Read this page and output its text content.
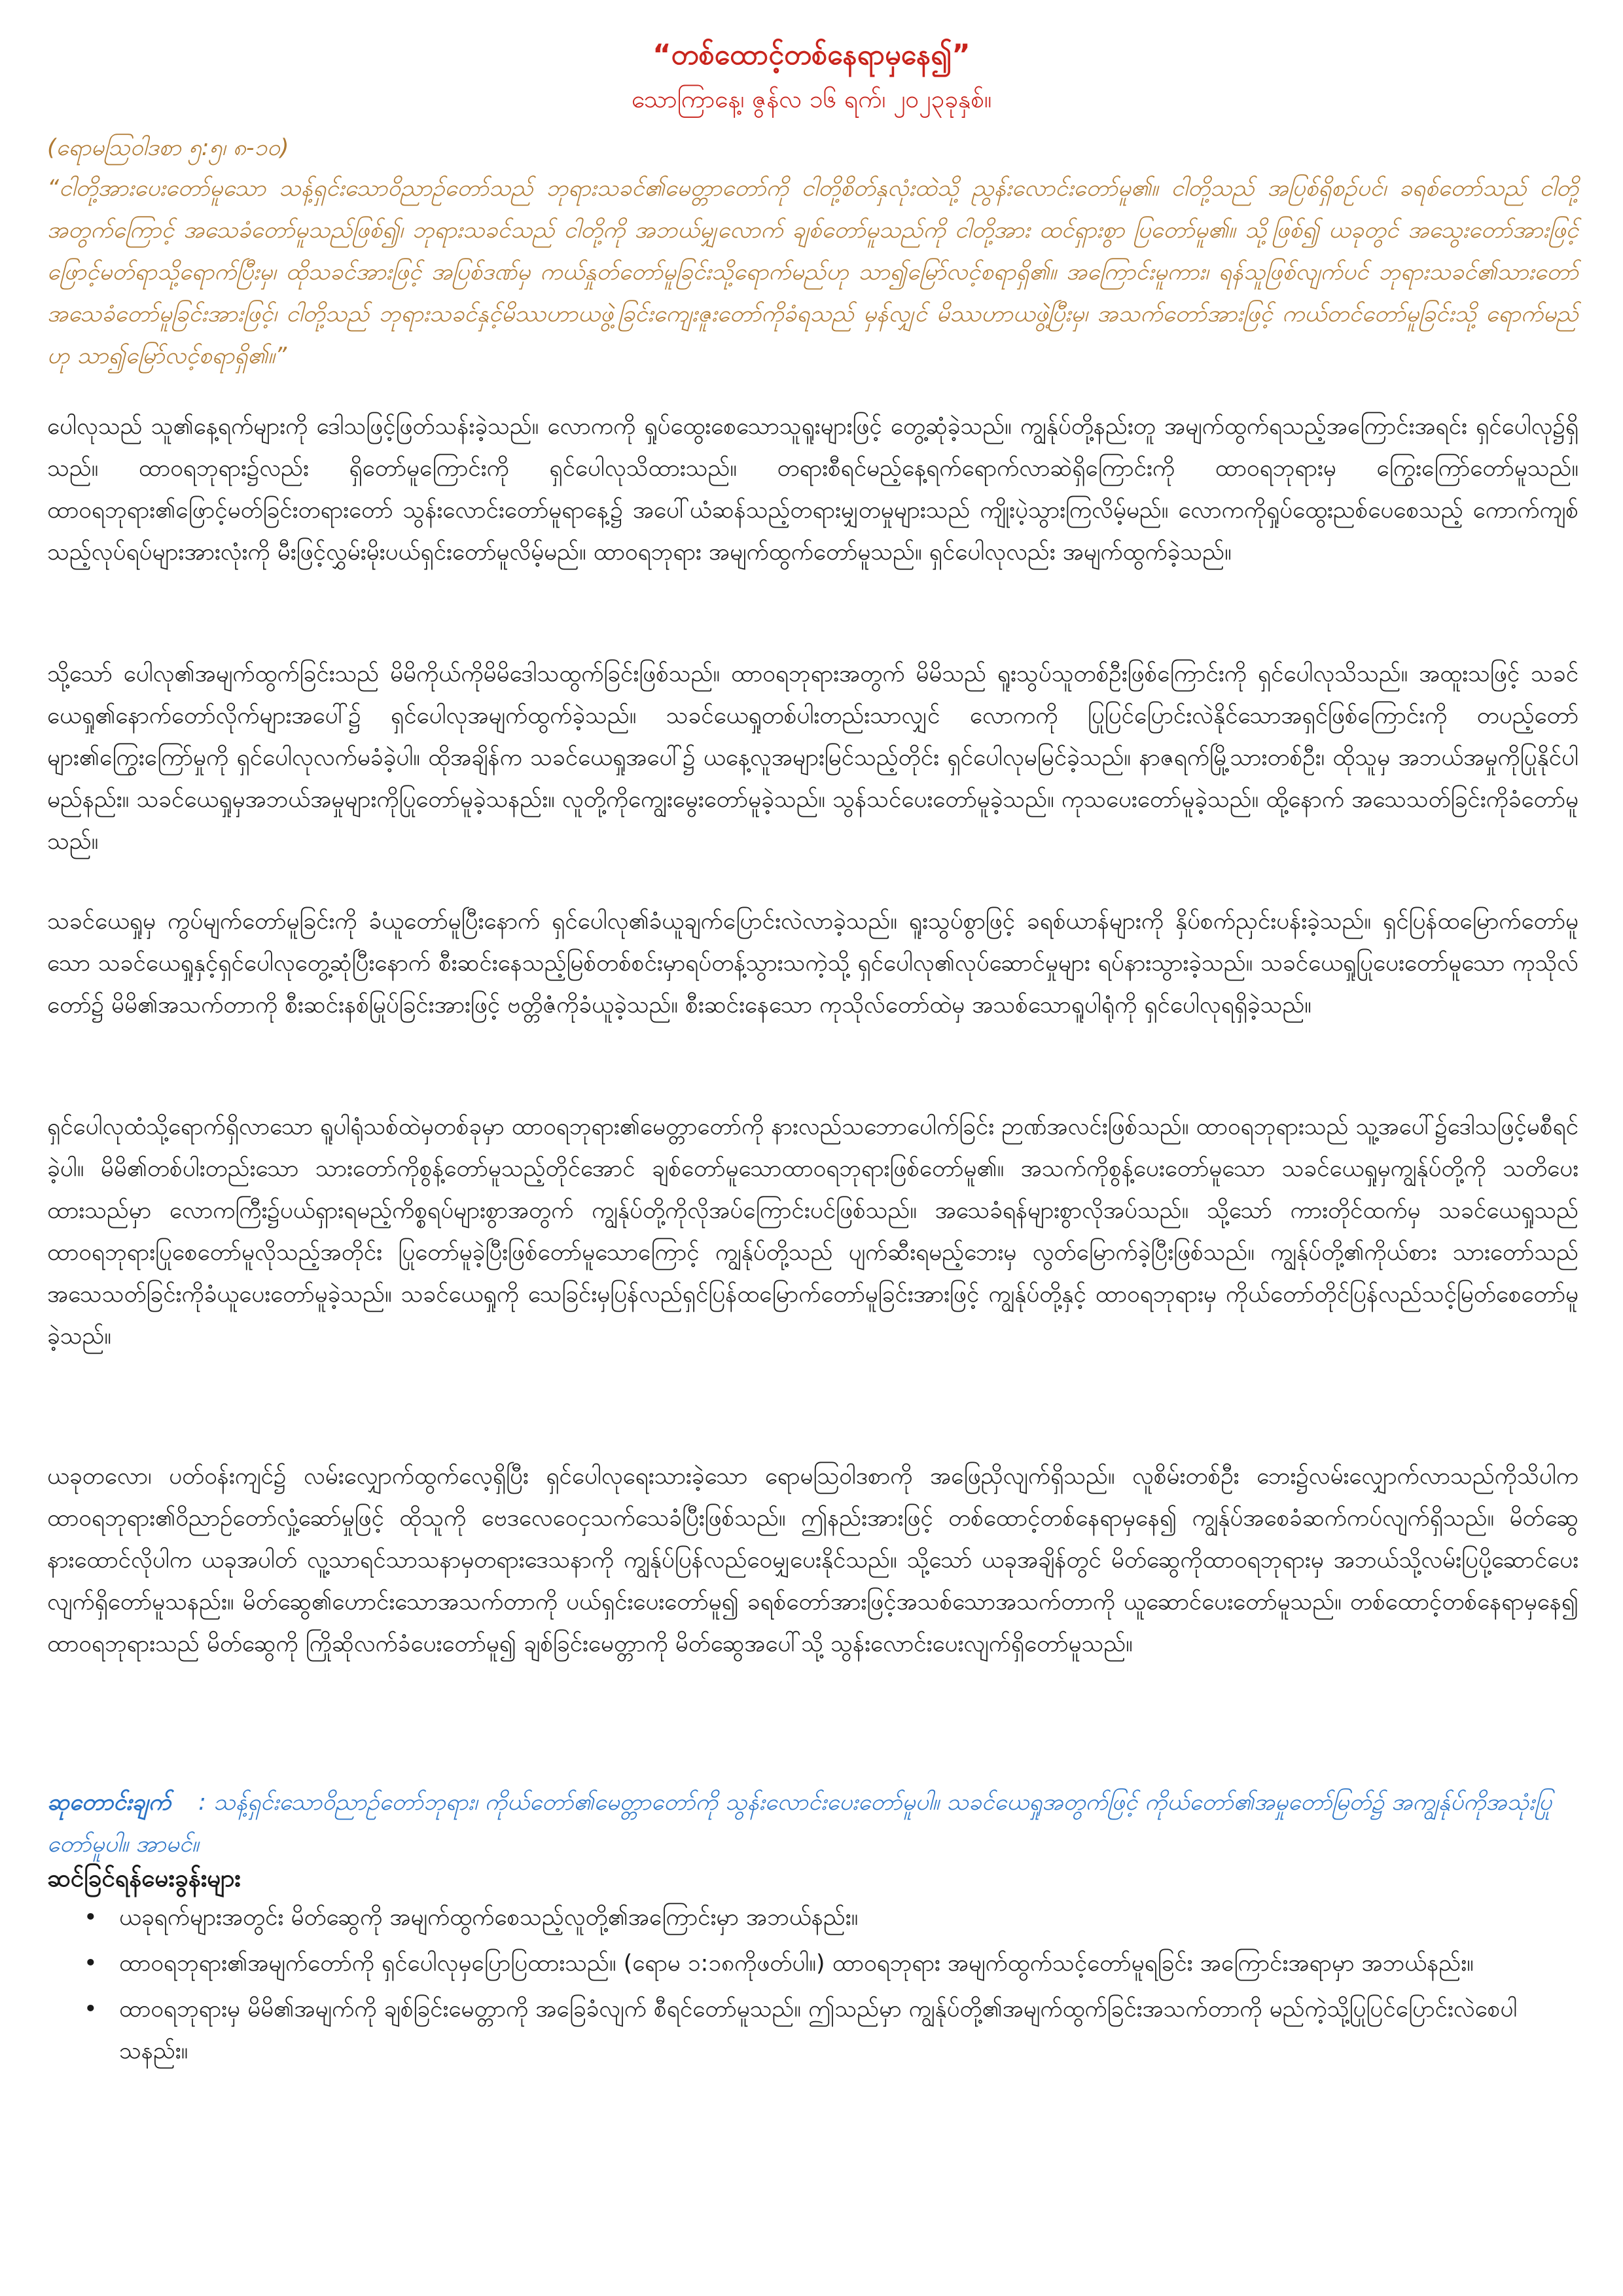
“တစ်ထောင့်တစ်နေရာမှနေ၍”
သောကြာနေ့၊ ဇွန်လ ၁၆ ရက်၊ ၂၀၂၃ခုနှစ်။
(ရောမဩဝါဒစာ ၅:၅၊ ၈-၁၀)
“ငါတို့အားပေးတော်မူသော သန့်ရှင်းသောဝိညာဉ်တော်သည် ဘုရားသခင်၏မေတ္တာတော်ကို ငါတို့စိတ်နှလုံးထဲသို့ ညွန်းလောင်းတော်မူ၏။ ငါတို့သည် အပြစ်ရှိစဉ်ပင်၊ ခရစ်တော်သည် ငါတို့အတွက်ကြောင့် အသေခံတော်မူသည်ဖြစ်၍၊ ဘုရားသခင်သည် ငါတို့ကို အဘယ်မျှလောက် ချစ်တော်မူသည်ကို ငါတို့အား ထင်ရှားစွာ ပြတော်မူ၏။ သို့ဖြစ်၍ ယခုတွင် အသွေးတော်အားဖြင့် ဖြောင့်မတ်ရာသို့ရောက်ပြီးမှ၊ ထိုသခင်အားဖြင့် အပြစ်ဒဏ်မှ ကယ်နှုတ်တော်မူခြင်းသို့ရောက်မည်ဟု သာ၍မြော်လင့်စရာရှိ၏။ အကြောင်းမူကား၊ ရန်သူဖြစ်လျက်ပင် ဘုရားသခင်၏သားတော် အသေခံတော်မူခြင်းအားဖြင့်၊ ငါတို့သည် ဘုရားသခင်နှင့်မိဿဟာယဖွဲ့ခြင်းကျေးဇူးတော်ကိုခံရသည် မှန်လျှင် မိဿဟာယဖွဲ့ပြီးမှ၊ အသက်တော်အားဖြင့် ကယ်တင်တော်မူခြင်းသို့ ရောက်မည်ဟု သာ၍မြော်လင့်စရာရှိ၏။”

ပေါလုသည် သူ၏နေ့ရက်များကို ဒေါသဖြင့်ဖြတ်သန်းခဲ့သည်။ လောကကို ရှုပ်ထွေးစေသောသူရူးများဖြင့် တွေ့ဆုံခဲ့သည်။ ကျွန်ုပ်တို့နည်းတူ အမျက်ထွက်ရသည့်အကြောင်းအရင်း ရှင်ပေါလု၌ရှိသည်။ ထာဝရဘုရား၌လည်း ရှိတော်မူကြောင်းကို ရှင်ပေါလုသိထားသည်။ တရားစီရင်မည့်နေ့ရက်ရောက်လာဆဲရှိကြောင်းကို ထာဝရဘုရားမှ ကြွေးကြော်တော်မူသည်။ ထာဝရဘုရား၏ဖြောင့်မတ်ခြင်းတရားတော် သွန်းလောင်းတော်မူရာနေ့၌ အပေါ်ယံဆန်သည့်တရားမျှတမှုများသည် ကျိုးပဲ့သွားကြလိမ့်မည်။ လောကကိုရှုပ်ထွေးညစ်ပေစေသည့် ကောက်ကျစ်သည့်လုပ်ရပ်များအားလုံးကို မီးဖြင့်လွှမ်းမိုးပယ်ရှင်းတော်မူလိမ့်မည်။ ထာဝရဘုရား အမျက်ထွက်တော်မူသည်။ ရှင်ပေါလုလည်း အမျက်ထွက်ခဲ့သည်။

သို့သော် ပေါလု၏အမျက်ထွက်ခြင်းသည် မိမိကိုယ်ကိုမိမိဒေါသထွက်ခြင်းဖြစ်သည်။ ထာဝရဘုရားအတွက် မိမိသည် ရူးသွပ်သူတစ်ဦးဖြစ်ကြောင်းကို ရှင်ပေါလုသိသည်။ အထူးသဖြင့် သခင်ယေရှု၏နောက်တော်လိုက်များအပေါ်၌ ရှင်ပေါလုအမျက်ထွက်ခဲ့သည်။ သခင်ယေရှုတစ်ပါးတည်းသာလျှင် လောကကို ပြုပြင်ပြောင်းလဲနိုင်သောအရှင်ဖြစ်ကြောင်းကို တပည့်တော်များ၏ကြွေးကြော်မှုကို ရှင်ပေါလုလက်မခံခဲ့ပါ။ ထိုအချိန်က သခင်ယေရှုအပေါ်၌ ယနေ့လူအများမြင်သည့်တိုင်း ရှင်ပေါလုမမြင်ခဲ့သည်။ နာဇရက်မြို့သားတစ်ဦး၊ ထိုသူမှ အဘယ်အမှုကိုပြုနိုင်ပါမည်နည်း။ သခင်ယေရှုမှအဘယ်အမှုများကိုပြုတော်မူခဲ့သနည်း။ လူတို့ကိုကျွေးမွေးတော်မူခဲ့သည်။ သွန်သင်ပေးတော်မူခဲ့သည်။ ကုသပေးတော်မူခဲ့သည်။ ထို့နောက် အသေသတ်ခြင်းကိုခံတော်မူသည်။

သခင်ယေရှုမှ ကွပ်မျက်တော်မူခြင်းကို ခံယူတော်မူပြီးနောက် ရှင်ပေါလု၏ခံယူချက်ပြောင်းလဲလာခဲ့သည်။ ရူးသွပ်စွာဖြင့် ခရစ်ယာန်များကို နှိပ်စက်ညှင်းပန်းခဲ့သည်။ ရှင်ပြန်ထမြောက်တော်မူသော သခင်ယေရှုနှင့်ရှင်ပေါလုတွေ့ဆုံပြီးနောက် စီးဆင်းနေသည့်မြစ်တစ်စင်းမှာရပ်တန့်သွားသကဲ့သို့ ရှင်ပေါလု၏လုပ်ဆောင်မှုများ ရပ်နားသွားခဲ့သည်။ သခင်ယေရှုပြုပေးတော်မူသော ကုသိုလ်တော်၌ မိမိ၏အသက်တာကို စီးဆင်းနစ်မြုပ်ခြင်းအားဖြင့် ဗတ္တိဇံကိုခံယူခဲ့သည်။ စီးဆင်းနေသော ကုသိုလ်တော်ထဲမှ အသစ်သောရူပါရုံကို ရှင်ပေါလုရရှိခဲ့သည်။

ရှင်ပေါလုထံသို့ရောက်ရှိလာသော ရူပါရုံသစ်ထဲမှတစ်ခုမှာ ထာဝရဘုရား၏မေတ္တာတော်ကို နားလည်သဘောပေါက်ခြင်း ဉာဏ်အလင်းဖြစ်သည်။ ထာဝရဘုရားသည် သူ့အပေါ်၌ဒေါသဖြင့်မစီရင်ခဲ့ပါ။ မိမိ၏တစ်ပါးတည်းသော သားတော်ကိုစွန့်တော်မူသည့်တိုင်အောင် ချစ်တော်မူသောထာဝရဘုရားဖြစ်တော်မူ၏။ အသက်ကိုစွန့်ပေးတော်မူသော သခင်ယေရှုမှကျွန်ုပ်တို့ကို သတိပေးထားသည်မှာ လောကကြီး၌ပယ်ရှားရမည့်ကိစ္စရပ်များစွာအတွက် ကျွန်ုပ်တို့ကိုလိုအပ်ကြောင်းပင်ဖြစ်သည်။ အသေခံရန်များစွာလိုအပ်သည်။ သို့သော် ကားတိုင်ထက်မှ သခင်ယေရှုသည် ထာဝရဘုရားပြုစေတော်မူလိုသည့်အတိုင်း ပြုတော်မူခဲ့ပြီးဖြစ်တော်မူသောကြောင့် ကျွန်ုပ်တို့သည် ပျက်ဆီးရမည့်ဘေးမှ လွတ်မြောက်ခဲ့ပြီးဖြစ်သည်။ ကျွန်ုပ်တို့၏ကိုယ်စား သားတော်သည် အသေသတ်ခြင်းကိုခံယူပေးတော်မူခဲ့သည်။ သခင်ယေရှုကို သေခြင်းမှပြန်လည်ရှင်ပြန်ထမြောက်တော်မူခြင်းအားဖြင့် ကျွန်ုပ်တို့နှင့် ထာဝရဘုရားမှ ကိုယ်တော်တိုင်ပြန်လည်သင့်မြတ်စေတော်မူခဲ့သည်။

ယခုတလော၊ ပတ်ဝန်းကျင်၌ လမ်းလျှောက်ထွက်လေ့ရှိပြီး ရှင်ပေါလုရေးသားခဲ့သော ရောမဩဝါဒစာကို အဖြေညှိလျက်ရှိသည်။ လူစိမ်းတစ်ဦး ဘေး၌လမ်းလျှောက်လာသည်ကိုသိပါက ထာဝရဘုရား၏ဝိညာဉ်တော်လှုံ့ဆော်မှုဖြင့် ထိုသူကို ဗေဒလေဝေငှသက်သေခံပြီးဖြစ်သည်။ ဤနည်းအားဖြင့် တစ်ထောင့်တစ်နေရာမှနေ၍ ကျွန်ုပ်အစေခံဆက်ကပ်လျက်ရှိသည်။ မိတ်ဆွေနားထောင်လိုပါက ယခုအပါတ် လူ့သာရင်သာသနာမှတရားဒေသနာကို ကျွန်ုပ်ပြန်လည်ဝေမျှပေးနိုင်သည်။ သို့သော် ယခုအချိန်တွင် မိတ်ဆွေကိုထာဝရဘုရားမှ အဘယ်သို့လမ်းပြပို့ဆောင်ပေးလျက်ရှိတော်မူသနည်း။ မိတ်ဆွေ၏ဟောင်းသောအသက်တာကို ပယ်ရှင်းပေးတော်မူ၍ ခရစ်တော်အားဖြင့်အသစ်သောအသက်တာကို ယူဆောင်ပေးတော်မူသည်။ တစ်ထောင့်တစ်နေရာမှနေ၍ ထာဝရဘုရားသည် မိတ်ဆွေကို ကြိုဆိုလက်ခံပေးတော်မူ၍ ချစ်ခြင်းမေတ္တာကို မိတ်ဆွေအပေါ်သို့ သွန်းလောင်းပေးလျက်ရှိတော်မူသည်။

ဆုတောင်းချက် : သန့်ရှင်းသောဝိညာဉ်တော်ဘုရား၊ ကိုယ်တော်၏မေတ္တာတော်ကို သွန်းလောင်းပေးတော်မူပါ။ သခင်ယေရှုအတွက်ဖြင့် ကိုယ်တော်၏အမှုတော်မြတ်၌ အကျွန်ုပ်ကိုအသုံးပြုတော်မူပါ။ အာမင်။
ဆင်ခြင်ရန်မေးခွန်းများ
• ယခုရက်များအတွင်း မိတ်ဆွေကို အမျက်ထွက်စေသည့်လူတို့၏အကြောင်းမှာ အဘယ်နည်း။
• ထာဝရဘုရား၏အမျက်တော်ကို ရှင်ပေါလုမှပြောပြထားသည်။ (ရောမ ၁:၁၈ကိုဖတ်ပါ။) ထာဝရဘုရား အမျက်ထွက်သင့်တော်မူရခြင်း အကြောင်းအရာမှာ အဘယ်နည်း။
• ထာဝရဘုရားမှ မိမိ၏အမျက်ကို ချစ်ခြင်းမေတ္တာကို အခြေခံလျက် စီရင်တော်မူသည်။ ဤသည်မှာ ကျွန်ုပ်တို့၏အမျက်ထွက်ခြင်းအသက်တာကို မည်ကဲ့သို့ပြုပြင်ပြောင်းလဲစေပါသနည်း။
